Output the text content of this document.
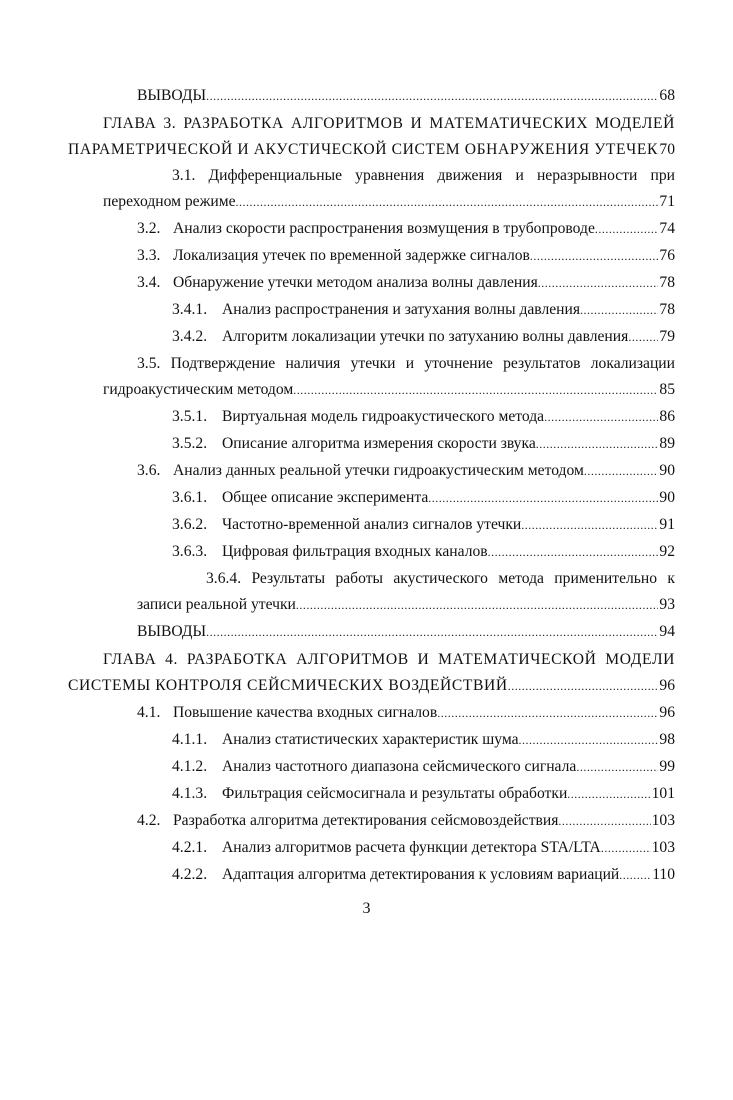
ВЫВОДЫ .....	68
ГЛАВА 3. РАЗРАБОТКА АЛГОРИТМОВ И МАТЕМАТИЧЕСКИХ МОДЕЛЕЙ
ПАРАМЕТРИЧЕСКОЙ И АКУСТИЧЕСКОЙ СИСТЕМ ОБНАРУЖЕНИЯ УТЕЧЕК ..... 70
3.1. Дифференциальные уравнения движения и неразрывности при
переходном режиме .....	71
3.2. Анализ скорости распространения возмущения в трубопроводе .....	74
3.3. Локализация утечек по временной задержке сигналов .....	76
3.4. Обнаружение утечки методом анализа волны давления .....	78
3.4.1. Анализ распространения и затухания волны давления .....	78
3.4.2. Алгоритм локализации утечки по затуханию волны давления ..... 79
3.5. Подтверждение наличия утечки и уточнение результатов локализации
гидроакустическим методом .....	85
3.5.1. Виртуальная модель гидроакустического метода .....	86
3.5.2. Описание алгоритма измерения скорости звука .....	89
3.6. Анализ данных реальной утечки гидроакустическим методом .....	90
3.6.1. Общее описание эксперимента .....	90
3.6.2. Частотно-временной анализ сигналов утечки .....	91
3.6.3. Цифровая фильтрация входных каналов .....	92
3.6.4. Результаты работы акустического метода применительно к
записи реальной утечки .....	93
ВЫВОДЫ .....	94
ГЛАВА 4. РАЗРАБОТКА АЛГОРИТМОВ И МАТЕМАТИЧЕСКОЙ МОДЕЛИ
СИСТЕМЫ КОНТРОЛЯ СЕЙСМИЧЕСКИХ ВОЗДЕЙСТВИЙ .....	96
4.1. Повышение качества входных сигналов .....	96
4.1.1. Анализ статистических характеристик шума .....	98
4.1.2. Анализ частотного диапазона сейсмического сигнала .....	99
4.1.3. Фильтрация сейсмосигнала и результаты обработки .....	101
4.2. Разработка алгоритма детектирования сейсмовоздействия .....	103
4.2.1. Анализ алгоритмов расчета функции детектора STA/LTA .....	103
4.2.2. Адаптация алгоритма детектирования к условиям вариаций ..... 110
3
